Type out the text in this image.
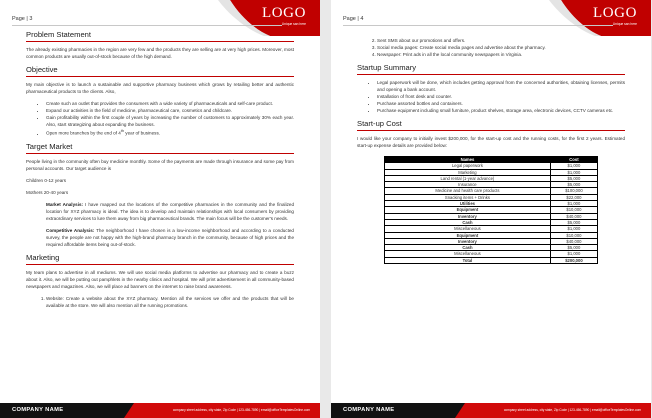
LOGO
Unique san here
Page | 3
Problem Statement
The already existing pharmacies in the region are very few and the products they are selling are at very high prices. Moreover, most common products are usually out-of-stock because of the high demand.
Objective
My main objective is to launch a sustainable and supportive pharmacy business which grows by retailing better and authentic pharmaceutical products to the clients. Also,
• Create such an outlet that provides the consumers with a wide variety of pharmaceuticals and self-care product.
• Expand our activities in the field of medicine, pharmaceutical care, cosmetics and childcare.
• Gain profitability within the first couple of years by increasing the number of customers to approximately 30% each year. Also, start strategizing about expanding the business.
• Open more branches by the end of 4th year of business.
Target Market
People living in the community often buy medicine monthly. Some of the payments are made through insurance and some pay from personal accounts. Our target audience is
Children 0-12 years
Mothers 20-40 years
Market Analysis: I have mapped out the locations of the competitive pharmacies in the community and the finalized location for XYZ pharmacy is ideal. The idea is to develop and maintain relationships with local consumers by providing extraordinary services to lure them away from big pharmaceutical brands. The main focus will be the customer's needs.
Competitive Analysis: The neighborhood I have chosen is a low-income neighborhood and according to a conducted survey, the people are not happy with the high-brand pharmacy branch in the community, because of high prices and the required affordable items being out-of-stock.
Marketing
My team plans to advertise in all mediums. We will use social media platforms to advertise our pharmacy and to create a buzz about it. Also, we will be putting out pamphlets in the nearby clinics and hospital. We will print advertisement in all community-based newspapers and magazines. Also, we will place ad banners on the internet to raise brand awareness.
1. Website: Create a website about the XYZ pharmacy. Mention all the services we offer and the products that will be available at the store. We will also mention all the running promotions.
COMPANY NAME	company street address, city state, Zip Code | 123-456-7890 | email@officeTemplatesOnline.com
LOGO
Unique san here
Page | 4
2. Sent SMS about our promotions and offers.
3. Social media pages: Create social media pages and advertise about the pharmacy.
4. Newspaper: Print ads in all the local community newspapers in Virginia.
Startup Summary
• Legal paperwork will be done, which includes getting approval from the concerned authorities, obtaining licenses, permits and opening a bank account.
• Installation of front desk and counter.
• Purchase assorted bottles and containers.
• Purchase equipment including small furniture, product shelves, storage area, electronic devices, CCTV cameras etc.
Start-up Cost
I would like your company to initially invest $200,000, for the start-up cost and the running costs, for the first 2 years. Estimated start-up expense details are provided below:
Names	Cost
Legal paperwork	$1,000
Marketing	$1,000
Land rental (1-year advance)	$5,000
Insurance	$5,000
Medicine and health care products	$100,000
Snacking items + Drinks	$22,000
Utilities	$1,000
Equipment	$10,000
Inventory	$40,000
Cash	$5,000
Miscellaneous	$1,000
Equipment	$10,000
Inventory	$40,000
Cash	$5,000
Miscellaneous	$1,000
Total	$200,000
COMPANY NAME	company street address, city state, Zip Code | 123-456-7890 | email@officeTemplatesOnline.com
